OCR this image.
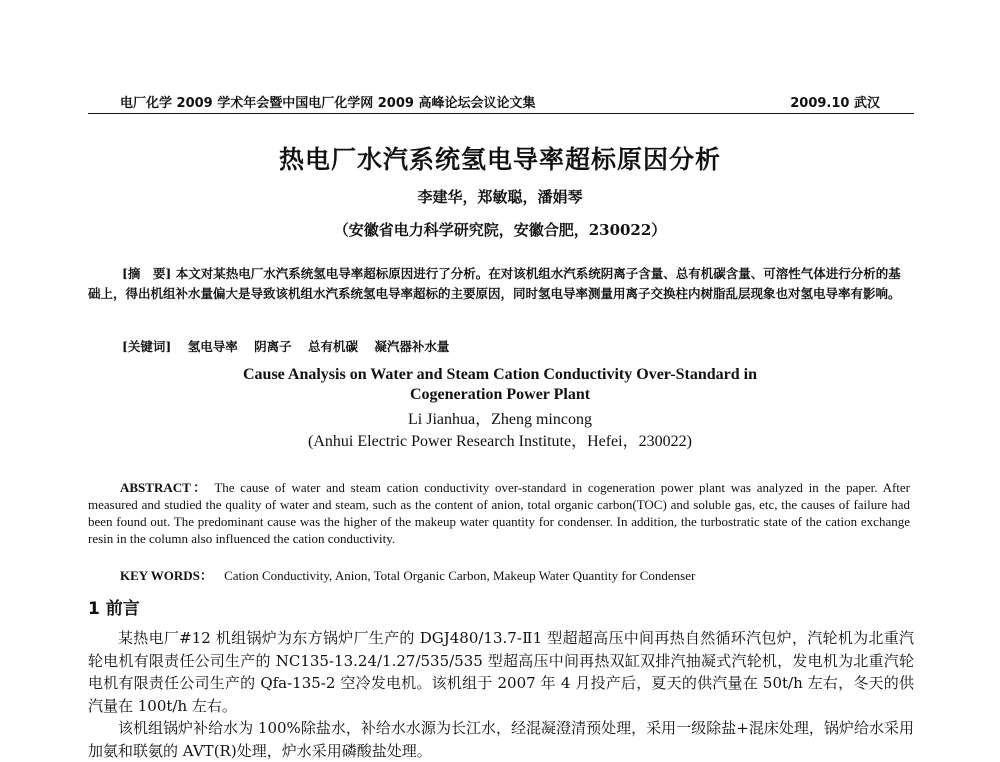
电厂化学 2009 学术年会暨中国电厂化学网 2009 高峰论坛会议论文集	2009.10 武汉
热电厂水汽系统氢电导率超标原因分析
李建华，郑敏聪，潘娟琴
（安徽省电力科学研究院，安徽合肥，230022）
[摘　要] 本文对某热电厂水汽系统氢电导率超标原因进行了分析。在对该机组水汽系统阴离子含量、总有机碳含量、可溶性气体进行分析的基础上，得出机组补水量偏大是导致该机组水汽系统氢电导率超标的主要原因，同时氢电导率测量用离子交换柱内树脂乱层现象也对氢电导率有影响。
[关键词] 氢电导率 阴离子 总有机碳 凝汽器补水量
Cause Analysis on Water and Steam Cation Conductivity Over-Standard in
Cogeneration Power Plant
Li Jianhua，Zheng mincong
(Anhui Electric Power Research Institute，Hefei，230022)
ABSTRACT： The cause of water and steam cation conductivity over-standard in cogeneration power plant was analyzed in the paper. After measured and studied the quality of water and steam, such as the content of anion, total organic carbon(TOC) and soluble gas, etc, the causes of failure had been found out. The predominant cause was the higher of the makeup water quantity for condenser. In addition, the turbostratic state of the cation exchange resin in the column also influenced the cation conductivity.
KEY WORDS： Cation Conductivity, Anion, Total Organic Carbon, Makeup Water Quantity for Condenser
1 前言

某热电厂#12 机组锅炉为东方锅炉厂生产的 DGJ480/13.7-Ⅱ1 型超超高压中间再热自然循环汽包炉，汽轮机为北重汽轮电机有限责任公司生产的 NC135-13.24/1.27/535/535 型超高压中间再热双缸双排汽抽凝式汽轮机，发电机为北重汽轮电机有限责任公司生产的 Qfa-135-2 空冷发电机。该机组于 2007 年 4 月投产后，夏天的供汽量在 50t/h 左右，冬天的供汽量在 100t/h 左右。

该机组锅炉补给水为 100%除盐水，补给水水源为长江水，经混凝澄清预处理，采用一级除盐+混床处理，锅炉给水采用加氨和联氨的 AVT(R)处理，炉水采用磷酸盐处理。
